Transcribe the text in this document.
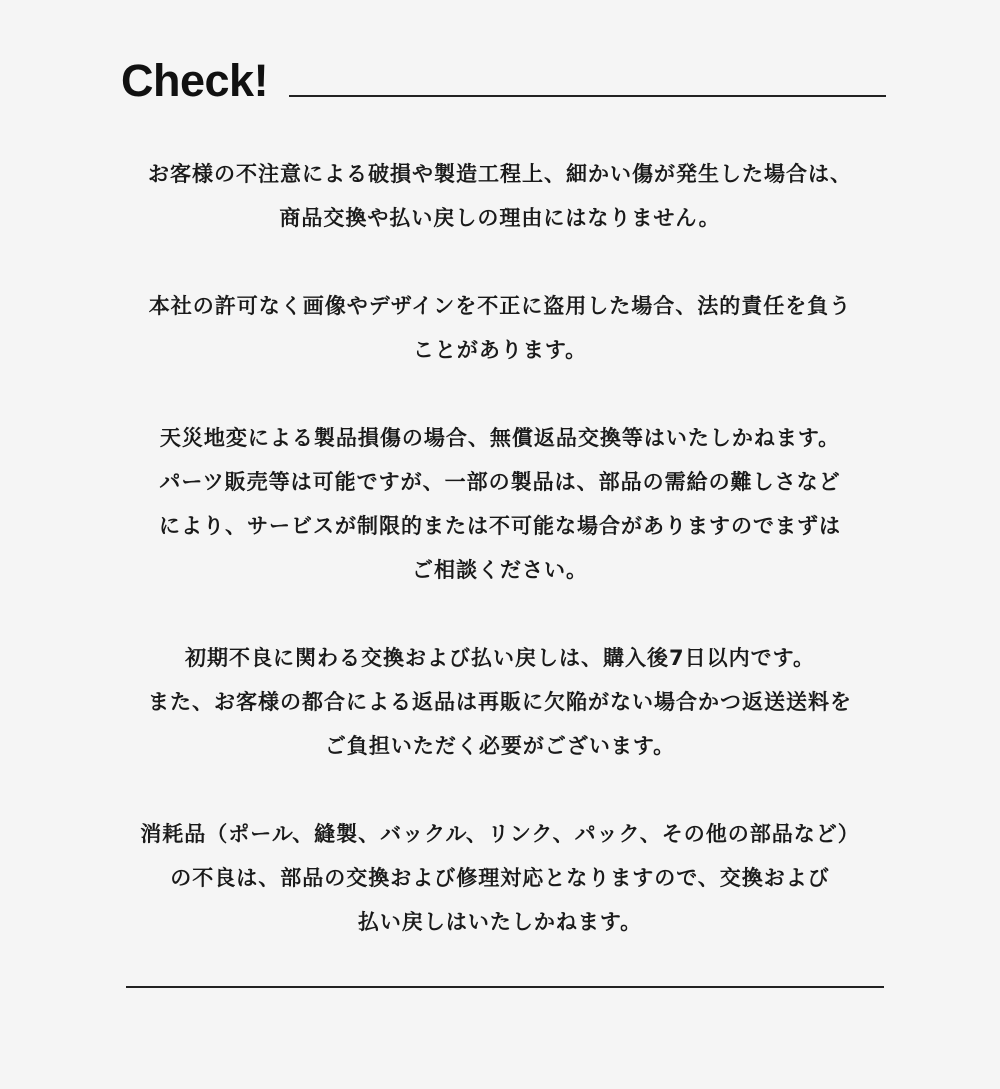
Check!
お客様の不注意による破損や製造工程上、細かい傷が発生した場合は、
商品交換や払い戻しの理由にはなりません。
本社の許可なく画像やデザインを不正に盗用した場合、法的責任を負う
ことがあります。
天災地変による製品損傷の場合、無償返品交換等はいたしかねます。
パーツ販売等は可能ですが、一部の製品は、部品の需給の難しさなど
により、サービスが制限的または不可能な場合がありますのでまずは
ご相談ください。
初期不良に関わる交換および払い戻しは、購入後7日以内です。
また、お客様の都合による返品は再販に欠陥がない場合かつ返送送料を
ご負担いただく必要がございます。
消耗品（ポール、縫製、バックル、リンク、パック、その他の部品など）
の不良は、部品の交換および修理対応となりますので、交換および
払い戻しはいたしかねます。
